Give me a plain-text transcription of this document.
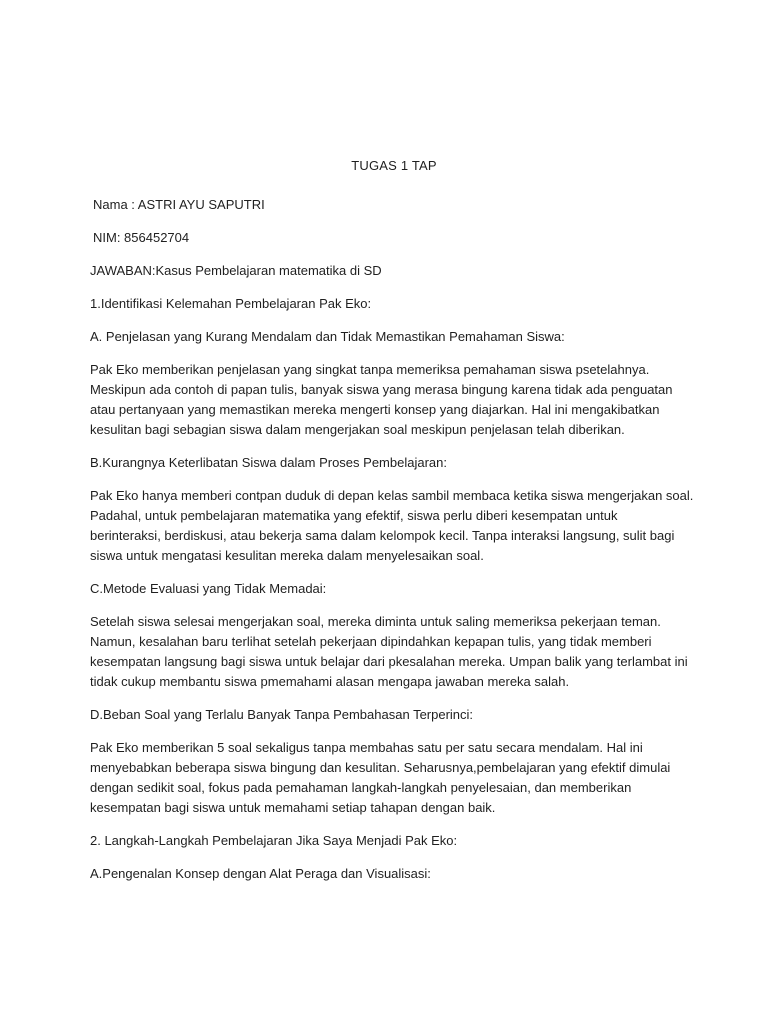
TUGAS 1 TAP
Nama : ASTRI AYU SAPUTRI
NIM: 856452704
JAWABAN:Kasus Pembelajaran matematika di SD
1.Identifikasi Kelemahan Pembelajaran Pak Eko:
A. Penjelasan yang Kurang Mendalam dan Tidak Memastikan Pemahaman Siswa:
Pak Eko memberikan penjelasan yang singkat tanpa memeriksa pemahaman siswa psetelahnya.
Meskipun ada contoh di papan tulis, banyak siswa yang merasa bingung karena tidak ada penguatan
atau pertanyaan yang memastikan mereka mengerti konsep yang diajarkan. Hal ini mengakibatkan
kesulitan bagi sebagian siswa dalam mengerjakan soal meskipun penjelasan telah diberikan.
B.Kurangnya Keterlibatan Siswa dalam Proses Pembelajaran:
Pak Eko hanya memberi contpan duduk di depan kelas sambil membaca ketika siswa mengerjakan soal.
Padahal, untuk pembelajaran matematika yang efektif, siswa perlu diberi kesempatan untuk
berinteraksi, berdiskusi, atau bekerja sama dalam kelompok kecil. Tanpa interaksi langsung, sulit bagi
siswa untuk mengatasi kesulitan mereka dalam menyelesaikan soal.
C.Metode Evaluasi yang Tidak Memadai:
Setelah siswa selesai mengerjakan soal, mereka diminta untuk saling memeriksa pekerjaan teman.
Namun, kesalahan baru terlihat setelah pekerjaan dipindahkan kepapan tulis, yang tidak memberi
kesempatan langsung bagi siswa untuk belajar dari pkesalahan mereka. Umpan balik yang terlambat ini
tidak cukup membantu siswa pmemahami alasan mengapa jawaban mereka salah.
D.Beban Soal yang Terlalu Banyak Tanpa Pembahasan Terperinci:
Pak Eko memberikan 5 soal sekaligus tanpa membahas satu per satu secara mendalam. Hal ini
menyebabkan beberapa siswa bingung dan kesulitan. Seharusnya,pembelajaran yang efektif dimulai
dengan sedikit soal, fokus pada pemahaman langkah-langkah penyelesaian, dan memberikan
kesempatan bagi siswa untuk memahami setiap tahapan dengan baik.
2. Langkah-Langkah Pembelajaran Jika Saya Menjadi Pak Eko:
A.Pengenalan Konsep dengan Alat Peraga dan Visualisasi:
